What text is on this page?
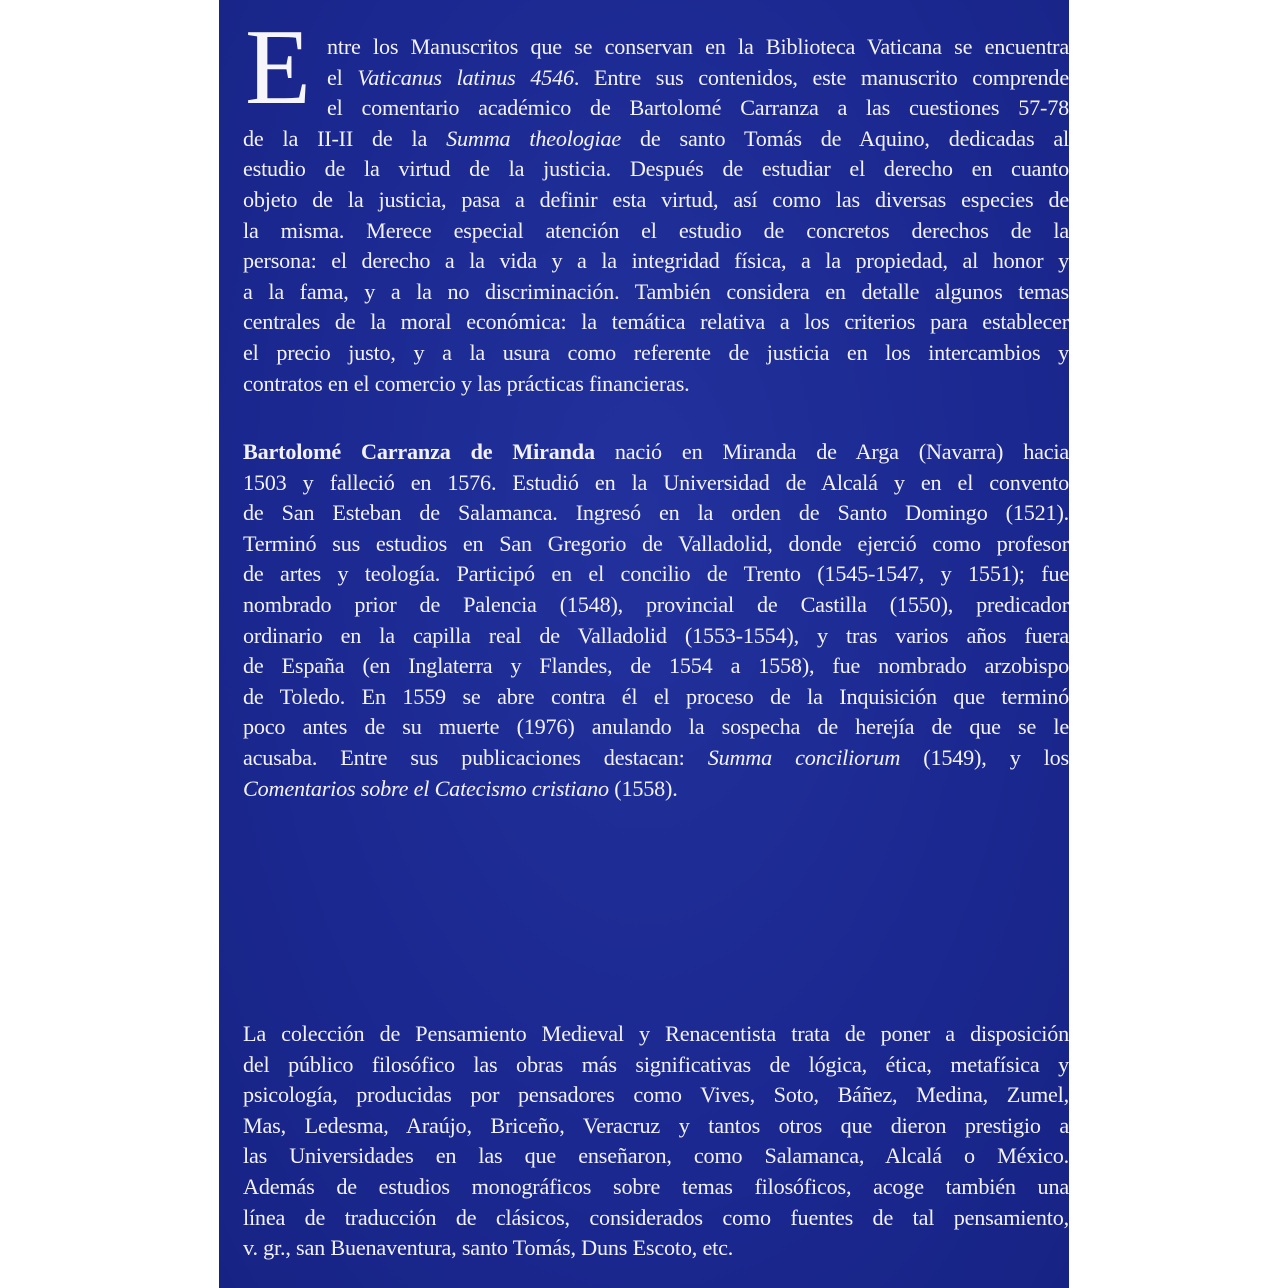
E ntre los Manuscritos que se conservan en la Biblioteca Vaticana se encuentra
el Vaticanus latinus 4546. Entre sus contenidos, este manuscrito comprende
el comentario académico de Bartolomé Carranza a las cuestiones 57-78
de la II-II de la Summa theologiae de santo Tomás de Aquino, dedicadas al
estudio de la virtud de la justicia. Después de estudiar el derecho en cuanto
objeto de la justicia, pasa a definir esta virtud, así como las diversas especies de
la misma. Merece especial atención el estudio de concretos derechos de la
persona: el derecho a la vida y a la integridad física, a la propiedad, al honor y
a la fama, y a la no discriminación. También considera en detalle algunos temas
centrales de la moral económica: la temática relativa a los criterios para establecer
el precio justo, y a la usura como referente de justicia en los intercambios y
contratos en el comercio y las prácticas financieras.
Bartolomé Carranza de Miranda nació en Miranda de Arga (Navarra) hacia
1503 y falleció en 1576. Estudió en la Universidad de Alcalá y en el convento
de San Esteban de Salamanca. Ingresó en la orden de Santo Domingo (1521).
Terminó sus estudios en San Gregorio de Valladolid, donde ejerció como profesor
de artes y teología. Participó en el concilio de Trento (1545-1547, y 1551); fue
nombrado prior de Palencia (1548), provincial de Castilla (1550), predicador
ordinario en la capilla real de Valladolid (1553-1554), y tras varios años fuera
de España (en Inglaterra y Flandes, de 1554 a 1558), fue nombrado arzobispo
de Toledo. En 1559 se abre contra él el proceso de la Inquisición que terminó
poco antes de su muerte (1976) anulando la sospecha de herejía de que se le
acusaba. Entre sus publicaciones destacan: Summa conciliorum (1549), y los
Comentarios sobre el Catecismo cristiano (1558).
La colección de Pensamiento Medieval y Renacentista trata de poner a disposición
del público filosófico las obras más significativas de lógica, ética, metafísica y
psicología, producidas por pensadores como Vives, Soto, Báñez, Medina, Zumel,
Mas, Ledesma, Araújo, Briceño, Veracruz y tantos otros que dieron prestigio a
las Universidades en las que enseñaron, como Salamanca, Alcalá o México.
Además de estudios monográficos sobre temas filosóficos, acoge también una
línea de traducción de clásicos, considerados como fuentes de tal pensamiento,
v. gr., san Buenaventura, santo Tomás, Duns Escoto, etc.
